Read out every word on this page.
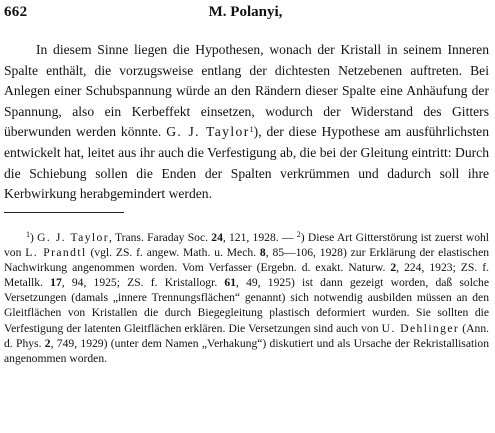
662	M. Polanyi,

In diesem Sinne liegen die Hypothesen, wonach der Kristall in seinem Inneren Spalte enthält, die vorzugsweise entlang der dichtesten Netzebenen auftreten. Bei Anlegen einer Schubspannung würde an den Rändern dieser Spalte eine Anhäufung der Spannung, also ein Kerbeffekt einsetzen, wodurch der Widerstand des Gitters überwunden werden könnte. G. J. Taylor$^1$), der diese Hypothese am ausführlichsten entwickelt hat, leitet aus ihr auch die Verfestigung ab, die bei der Gleitung eintritt: Durch die Schiebung sollen die Enden der Spalten verkrümmen und dadurch soll ihre Kerbwirkung herabgemindert werden.

$^1$) G. J. Taylor, Trans. Faraday Soc. 24, 121, 1928. — $^2$) Diese Art Gitterstörung ist zuerst wohl von L. Prandtl (vgl. ZS. f. angew. Math. u. Mech. 8, 85—106, 1928) zur Erklärung der elastischen Nachwirkung angenommen worden. Vom Verfasser (Ergebn. d. exakt. Naturw. 2, 224, 1923; ZS. f. Metallk. 17, 94, 1925; ZS. f. Kristallogr. 61, 49, 1925) ist dann gezeigt worden, daß solche Versetzungen (damals „innere Trennungsflächen“ genannt) sich notwendig ausbilden müssen an den Gleitflächen von Kristallen die durch Biegegleitung plastisch deformiert wurden. Sie sollten die Verfestigung der latenten Gleitflächen erklären. Die Versetzungen sind auch von U. Dehlinger (Ann. d. Phys. 2, 749, 1929) (unter dem Namen „Verhakung“) diskutiert und als Ursache der Rekristallisation angenommen worden.
